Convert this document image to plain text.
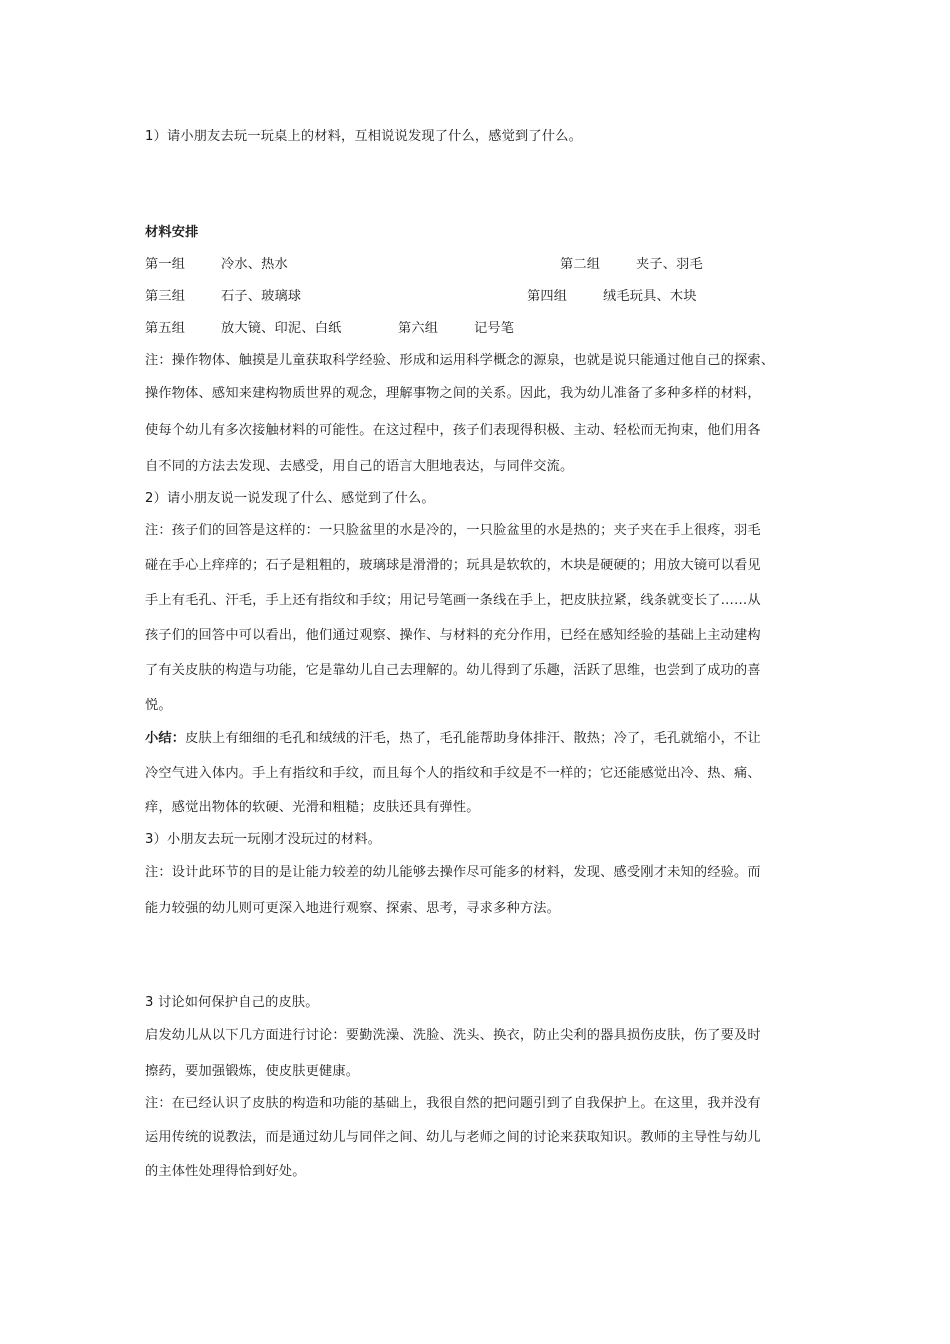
1）请小朋友去玩一玩桌上的材料，互相说说发现了什么，感觉到了什么。
材料安排
第一组	冷水、热水	第二组	夹子、羽毛
第三组	石子、玻璃球	第四组	绒毛玩具、木块
第五组	放大镜、印泥、白纸	第六组	记号笔
注：操作物体、触摸是儿童获取科学经验、形成和运用科学概念的源泉，也就是说只能通过他自己的探索、
操作物体、感知来建构物质世界的观念，理解事物之间的关系。因此，我为幼儿准备了多种多样的材料，
使每个幼儿有多次接触材料的可能性。在这过程中，孩子们表现得积极、主动、轻松而无拘束，他们用各
自不同的方法去发现、去感受，用自己的语言大胆地表达，与同伴交流。
2）请小朋友说一说发现了什么、感觉到了什么。
注：孩子们的回答是这样的：一只脸盆里的水是冷的，一只脸盆里的水是热的；夹子夹在手上很疼，羽毛
碰在手心上痒痒的；石子是粗粗的，玻璃球是滑滑的；玩具是软软的，木块是硬硬的；用放大镜可以看见
手上有毛孔、汗毛，手上还有指纹和手纹；用记号笔画一条线在手上，把皮肤拉紧，线条就变长了……从
孩子们的回答中可以看出，他们通过观察、操作、与材料的充分作用，已经在感知经验的基础上主动建构
了有关皮肤的构造与功能，它是靠幼儿自己去理解的。幼儿得到了乐趣，活跃了思维，也尝到了成功的喜
悦。
小结：皮肤上有细细的毛孔和绒绒的汗毛，热了，毛孔能帮助身体排汗、散热；冷了，毛孔就缩小，不让
冷空气进入体内。手上有指纹和手纹，而且每个人的指纹和手纹是不一样的；它还能感觉出冷、热、痛、
痒，感觉出物体的软硬、光滑和粗糙；皮肤还具有弹性。
3）小朋友去玩一玩刚才没玩过的材料。
注：设计此环节的目的是让能力较差的幼儿能够去操作尽可能多的材料，发现、感受刚才未知的经验。而
能力较强的幼儿则可更深入地进行观察、探索、思考，寻求多种方法。
3 讨论如何保护自己的皮肤。
启发幼儿从以下几方面进行讨论：要勤洗澡、洗脸、洗头、换衣，防止尖利的器具损伤皮肤，伤了要及时
擦药，要加强锻炼，使皮肤更健康。
注：在已经认识了皮肤的构造和功能的基础上，我很自然的把问题引到了自我保护上。在这里，我并没有
运用传统的说教法，而是通过幼儿与同伴之间、幼儿与老师之间的讨论来获取知识。教师的主导性与幼儿
的主体性处理得恰到好处。
